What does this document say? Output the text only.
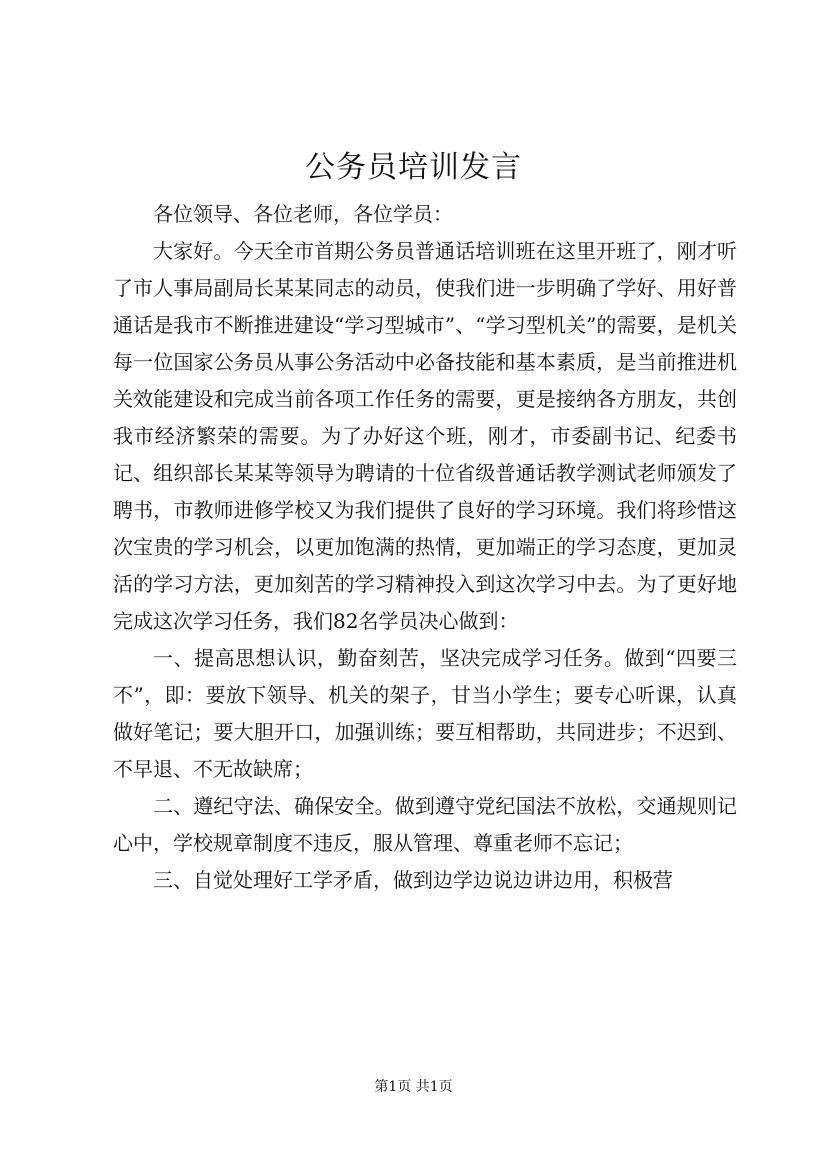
公务员培训发言

各位领导、各位老师，各位学员：

大家好。今天全市首期公务员普通话培训班在这里开班了，刚才听了市人事局副局长某某同志的动员，使我们进一步明确了学好、用好普通话是我市不断推进建设“学习型城市”、“学习型机关”的需要，是机关每一位国家公务员从事公务活动中必备技能和基本素质，是当前推进机关效能建设和完成当前各项工作任务的需要，更是接纳各方朋友，共创我市经济繁荣的需要。为了办好这个班，刚才，市委副书记、纪委书记、组织部长某某等领导为聘请的十位省级普通话教学测试老师颁发了聘书，市教师进修学校又为我们提供了良好的学习环境。我们将珍惜这次宝贵的学习机会，以更加饱满的热情，更加端正的学习态度，更加灵活的学习方法，更加刻苦的学习精神投入到这次学习中去。为了更好地完成这次学习任务，我们82名学员决心做到：

一、提高思想认识，勤奋刻苦，坚决完成学习任务。做到“四要三不”，即：要放下领导、机关的架子，甘当小学生；要专心听课，认真做好笔记；要大胆开口，加强训练；要互相帮助，共同进步；不迟到、不早退、不无故缺席；

二、遵纪守法、确保安全。做到遵守党纪国法不放松，交通规则记心中，学校规章制度不违反，服从管理、尊重老师不忘记；

三、自觉处理好工学矛盾，做到边学边说边讲边用，积极营

第1页 共1页
